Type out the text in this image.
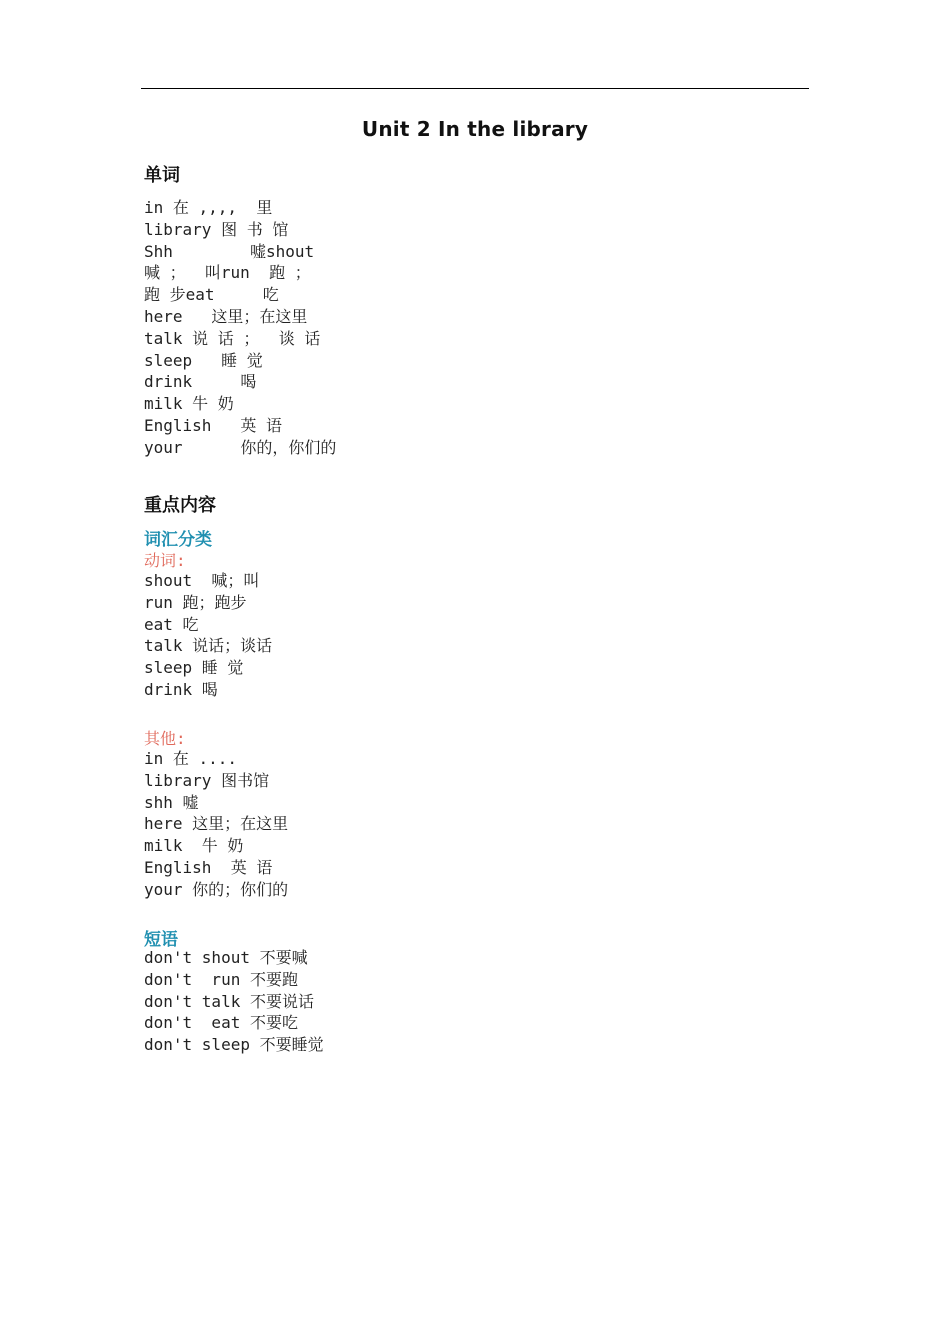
Unit 2 In the library
单词
in 在 ,,,,  里
library 图 书 馆
Shh        嘘shout
喊 ；  叫run  跑 ；
跑 步eat     吃
here   这里；在这里
talk 说 话 ；  谈 话
sleep   睡 觉
drink     喝
milk 牛 奶
English   英 语
your      你的，你们的
重点内容
词汇分类
动词:
shout  喊；叫
run 跑；跑步
eat 吃
talk 说话；谈话
sleep 睡 觉
drink 喝
其他:
in 在 ....
library 图书馆
shh 嘘
here 这里；在这里
milk  牛 奶
English  英 语
your 你的；你们的
短语
don't shout 不要喊
don't  run 不要跑
don't talk 不要说话
don't  eat 不要吃
don't sleep 不要睡觉
